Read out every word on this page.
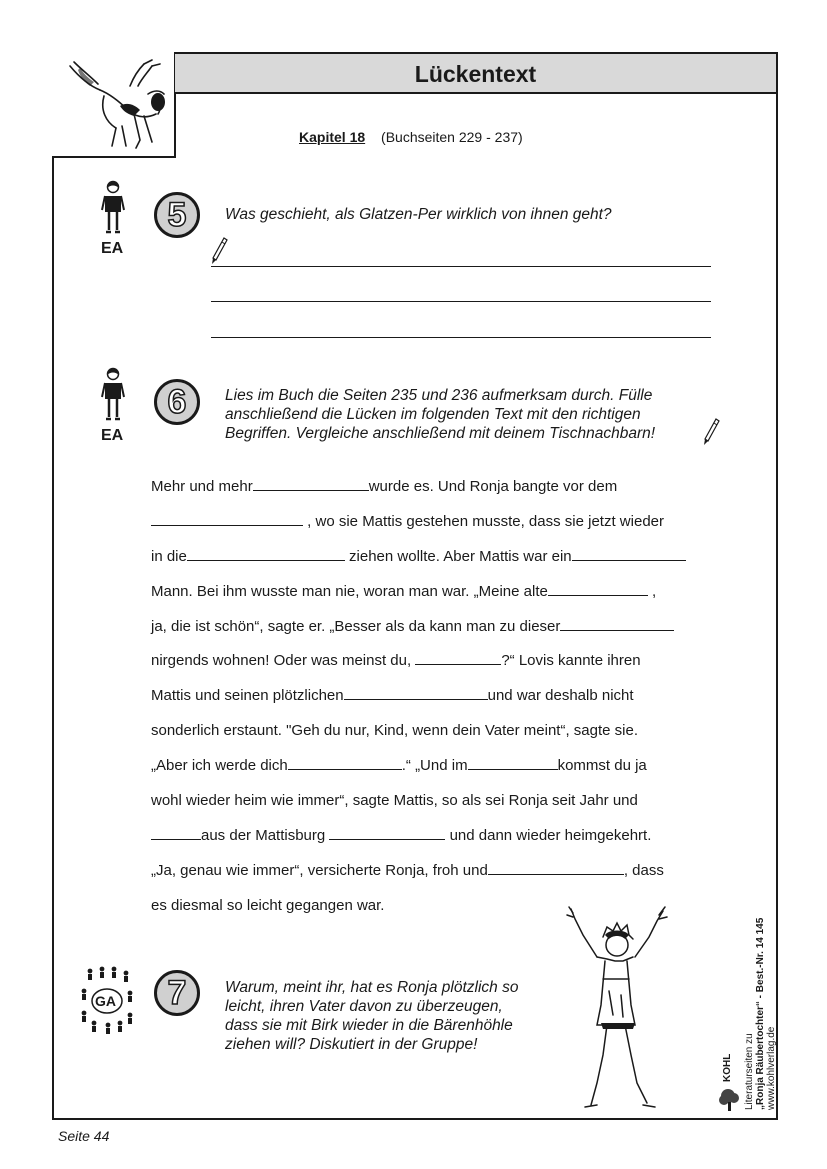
Lückentext
Kapitel 18 (Buchseiten 229 - 237)
EA
5	Was geschieht, als Glatzen-Per wirklich von ihnen geht?
EA
6	Lies im Buch die Seiten 235 und 236 aufmerksam durch. Fülle
anschließend die Lücken im folgenden Text mit den richtigen
Begriffen. Vergleiche anschließend mit deinem Tischnachbarn!
Mehr und mehr	wurde es. Und Ronja bangte vor dem
, wo sie Mattis gestehen musste, dass sie jetzt wieder
in die	ziehen wollte. Aber Mattis war ein
Mann. Bei ihm wusste man nie, woran man war. „Meine alte	,
ja, die ist schön“, sagte er. „Besser als da kann man zu dieser
nirgends wohnen! Oder was meinst du,	?“ Lovis kannte ihren
Mattis und seinen plötzlichen	und war deshalb nicht
sonderlich erstaunt. "Geh du nur, Kind, wenn dein Vater meint“, sagte sie.
„Aber ich werde dich	.“ „Und im	kommst du ja
wohl wieder heim wie immer“, sagte Mattis, so als sei Ronja seit Jahr und
aus der Mattisburg	und dann wieder heimgekehrt.
„Ja, genau wie immer“, versicherte Ronja, froh und	, dass
es diesmal so leicht gegangen war.
GA	7	Warum, meint ihr, hat es Ronja plötzlich so
leicht, ihren Vater davon zu überzeugen,
dass sie mit Birk wieder in die Bärenhöhle
ziehen will? Diskutiert in der Gruppe!	Literaturseiten zu „Ronja Räubertochter“ - Best.-Nr. 14 145 www.kohlverlag.de
KOHL
Seite 44
